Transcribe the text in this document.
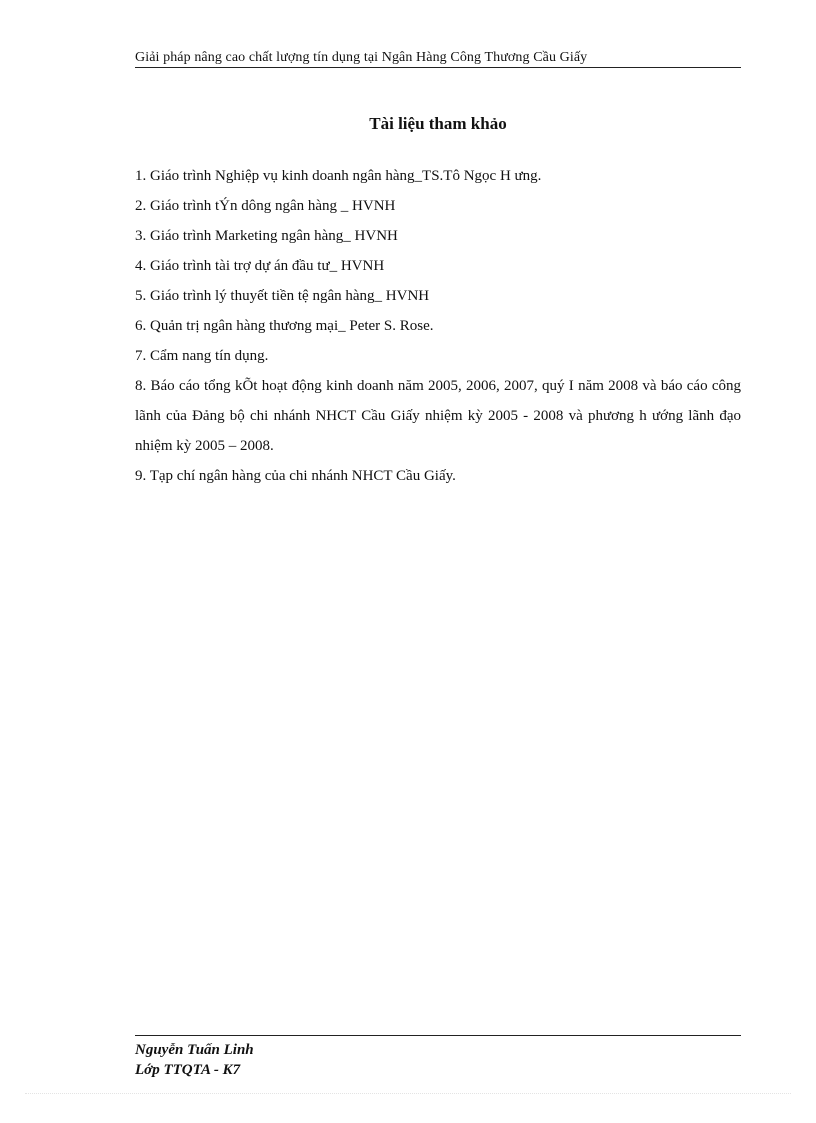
Giải pháp nâng cao chất lượng tín dụng tại Ngân Hàng Công Thương Cầu Giấy
Tài liệu tham khảo
1. Giáo trình Nghiệp vụ kinh doanh ngân hàng_TS.Tô Ngọc H ưng.
2. Giáo trình tÝn dông ngân hàng _ HVNH
3. Giáo trình Marketing ngân hàng_ HVNH
4. Giáo trình tài trợ dự án đầu tư_ HVNH
5. Giáo trình lý thuyết tiền tệ ngân hàng_ HVNH
6. Quản trị ngân hàng thương mại_ Peter S. Rose.
7. Cẩm nang tín dụng.
8. Báo cáo tổng kÕt hoạt động kinh doanh năm 2005, 2006, 2007, quý I năm 2008 và báo cáo công lãnh của Đảng bộ chi nhánh NHCT Cầu Giấy nhiệm kỳ 2005 - 2008 và phương h ướng lãnh đạo nhiệm kỳ 2005 – 2008.
9. Tạp chí ngân hàng của chi nhánh NHCT Cầu Giấy.
Nguyễn Tuấn Linh
Lớp TTQTA - K7
